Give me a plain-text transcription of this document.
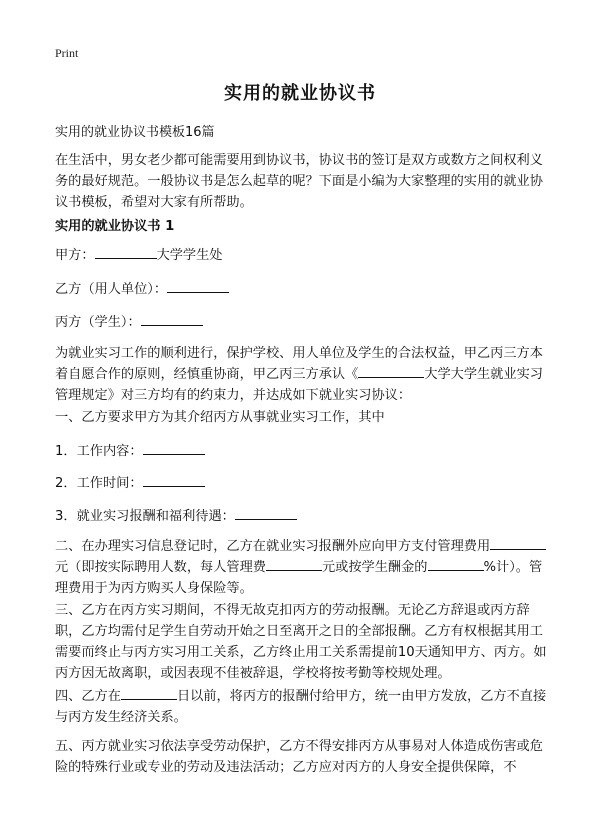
Print
实用的就业协议书
实用的就业协议书模板16篇
在生活中，男女老少都可能需要用到协议书，协议书的签订是双方或数方之间权利义务的最好规范。一般协议书是怎么起草的呢？下面是小编为大家整理的实用的就业协议书模板，希望对大家有所帮助。
实用的就业协议书 1
甲方：	大学学生处
乙方（用人单位）：
丙方（学生）：
为就业实习工作的顺利进行，保护学校、用人单位及学生的合法权益，甲乙丙三方本着自愿合作的原则，经慎重协商，甲乙丙三方承认《	大学大学生就业实习管理规定》对三方均有的约束力，并达成如下就业实习协议：
一、乙方要求甲方为其介绍丙方从事就业实习工作，其中
1．工作内容：
2．工作时间：
3．就业实习报酬和福利待遇：
二、在办理实习信息登记时，乙方在就业实习报酬外应向甲方支付管理费用元（即按实际聘用人数，每人管理费	元或按学生酬金的	%计）。管理费用于为丙方购买人身保险等。
三、乙方在丙方实习期间，不得无故克扣丙方的劳动报酬。无论乙方辞退或丙方辞职，乙方均需付足学生自劳动开始之日至离开之日的全部报酬。乙方有权根据其用工需要而终止与丙方实习用工关系，乙方终止用工关系需提前10天通知甲方、丙方。如丙方因无故离职，或因表现不佳被辞退，学校将按考勤等校规处理。
四、乙方在	日以前，将丙方的报酬付给甲方，统一由甲方发放，乙方不直接与丙方发生经济关系。
五、丙方就业实习依法享受劳动保护，乙方不得安排丙方从事易对人体造成伤害或危险的特殊行业或专业的劳动及违法活动；乙方应对丙方的人身安全提供保障，不
